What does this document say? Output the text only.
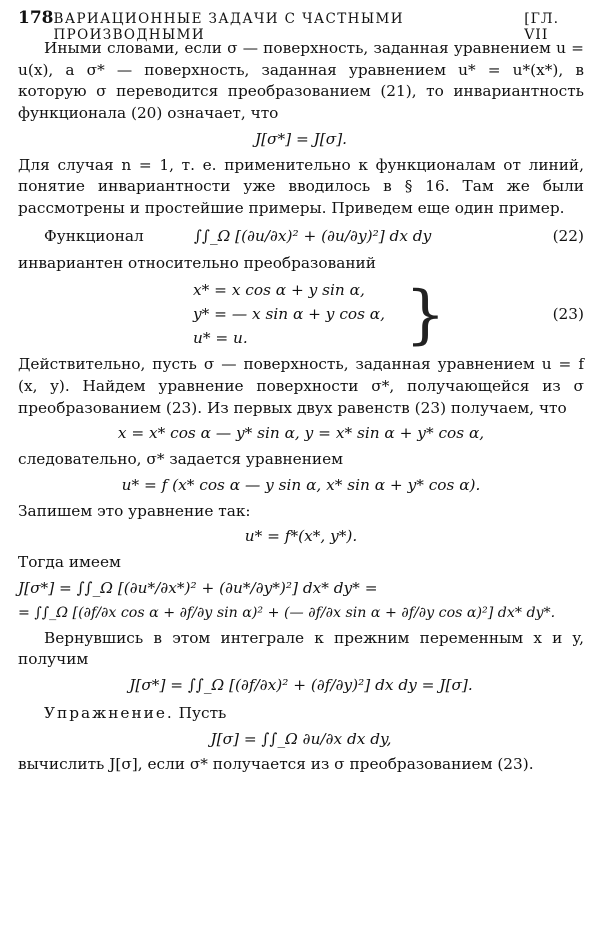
178 ВАРИАЦИОННЫЕ ЗАДАЧИ С ЧАСТНЫМИ ПРОИЗВОДНЫМИ
[ГЛ. VII

Иными словами, если σ — поверхность, заданная уравнением u = u(x), а σ* — поверхность, заданная уравнением u* = u*(x*), в которую σ переводится преобразованием (21), то инвариантность функционала (20) означает, что

J[σ*] = J[σ].

Для случая n = 1, т. е. применительно к функционалам от линий, понятие инвариантности уже вводилось в § 16. Там же были рассмотрены и простейшие примеры. Приведем еще один пример.

Функционал	∫∫_Ω [(∂u/∂x)² + (∂u/∂y)²] dx dy	(22)

инвариантен относительно преобразований

x* = x cos α + y sin α,
y* = — x sin α + y cos α,
u* = u.	}	(23)

Действительно, пусть σ — поверхность, заданная уравнением u = f (x, y). Найдем уравнение поверхности σ*, получающейся из σ преобразованием (23). Из первых двух равенств (23) получаем, что

x = x* cos α — y* sin α, y = x* sin α + y* cos α,

следовательно, σ* задается уравнением

u* = f (x* cos α — y sin α, x* sin α + y* cos α).

Запишем это уравнение так:

u* = f*(x*, y*).

Тогда имеем

J[σ*] = ∫∫_Ω [(∂u*/∂x*)² + (∂u*/∂y*)²] dx* dy* =
= ∫∫_Ω [(∂f/∂x cos α + ∂f/∂y sin α)² + (— ∂f/∂x sin α + ∂f/∂y cos α)²] dx* dy*.

Вернувшись в этом интеграле к прежним переменным x и y, получим

J[σ*] = ∫∫_Ω [(∂f/∂x)² + (∂f/∂y)²] dx dy = J[σ].

Упражнение. Пусть

J[σ] = ∫∫_Ω ∂u/∂x dx dy,

вычислить J[σ], если σ* получается из σ преобразованием (23).
